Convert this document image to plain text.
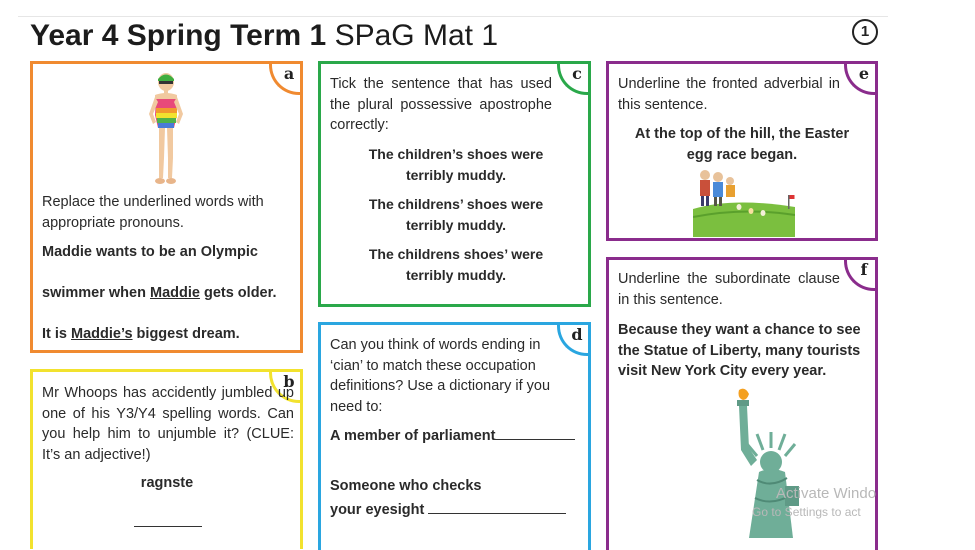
Year 4 Spring Term 1 SPaG Mat 1	1
a
Replace the underlined words with appropriate pronouns.
Maddie wants to be an Olympic
swimmer when Maddie gets older.
It is Maddie’s biggest dream.
b
Mr Whoops has accidently jumbled up one of his Y3/Y4 spelling words. Can you help him to unjumble it? (CLUE: It’s an adjective!)
ragnste
c
Tick the sentence that has used the plural possessive apostrophe correctly:
The children’s shoes were
terribly muddy.
The childrens’ shoes were
terribly muddy.
The childrens shoes’ were
terribly muddy.
d
Can you think of words ending in ‘cian’ to match these occupation definitions? Use a dictionary if you need to:
A member of parliament
Someone who checks
your eyesight
e
Underline the fronted adverbial in this sentence.
At the top of the hill, the Easter egg race began.
f
Underline the subordinate clause in this sentence.
Because they want a chance to see the Statue of Liberty, many tourists visit New York City every year.
Activate Windo
Go to Settings to act
